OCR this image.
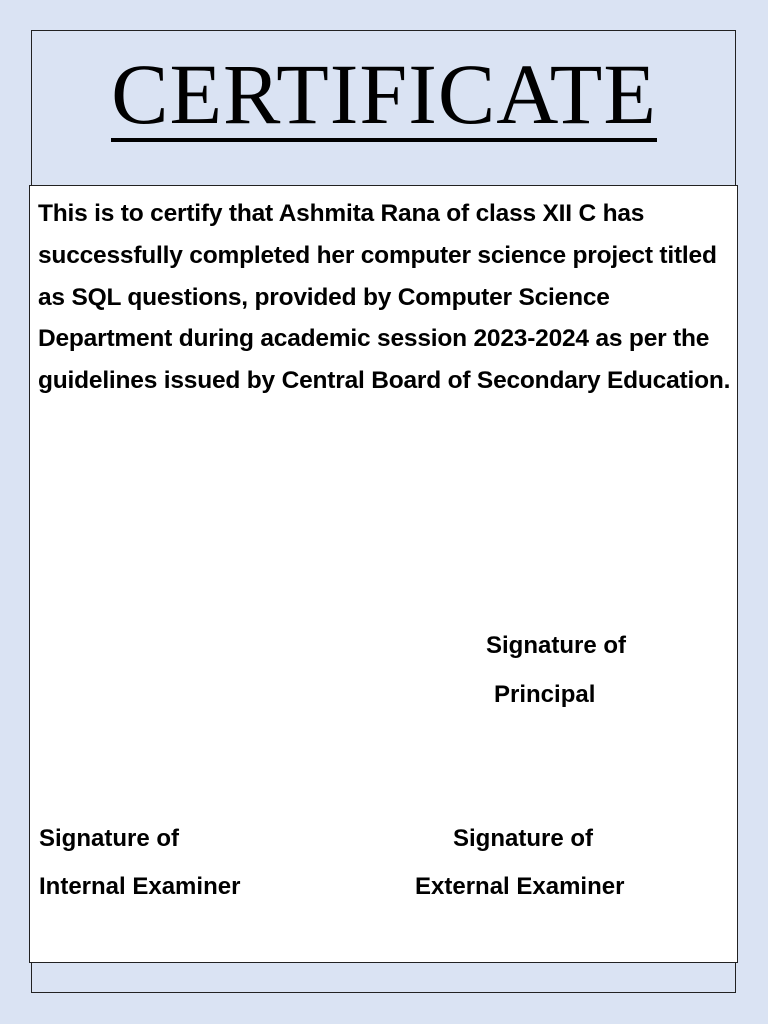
CERTIFICATE

This is to certify that Ashmita Rana of class XII C has successfully completed her computer science project titled as SQL questions, provided by Computer Science Department during academic session 2023-2024 as per the guidelines issued by Central Board of Secondary Education.

Signature of

Principal

Signature of

Internal Examiner

Signature of

External Examiner
